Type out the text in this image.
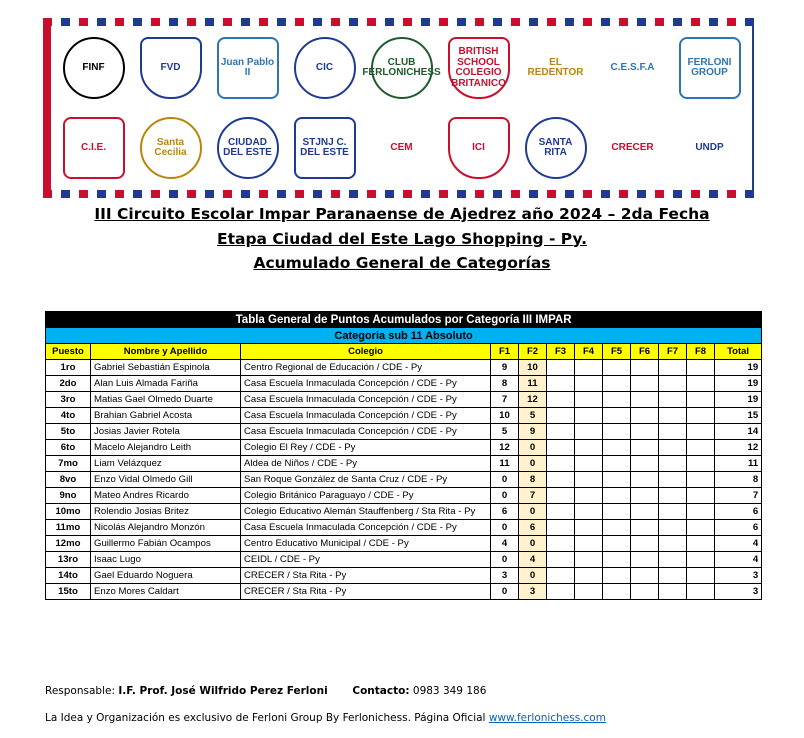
FINF	FVD	Juan Pablo II	CIC	CLUB FERLONICHESS
BRITISH SCHOOL COLEGIO BRITANICO
EL REDENTOR	C.E.S.F.A	FERLONI GROUP
C.I.E.	Santa Cecilia
CIUDAD DEL ESTE
STJNJ C. DEL ESTE	CEM	ICI	SANTA RITA	CRECER	UNDP
III Circuito Escolar Impar Paranaense de Ajedrez año 2024 – 2da Fecha
Etapa Ciudad del Este Lago Shopping - Py.
Acumulado General de Categorías
Tabla General de Puntos Acumulados por Categoría III IMPAR											
Categoria sub 11 Absoluto											
Puesto	Nombre y Apellido	Colegio	F1	F2	F3	F4	F5	F6	F7	F8	Total
1ro	Gabriel Sebastián Espinola	Centro Regional de Educación / CDE - Py	9	10							19
2do	Alan Luis Almada Fariña	Casa Escuela Inmaculada Concepción / CDE - Py	8	11							19
3ro	Matias Gael Olmedo Duarte	Casa Escuela Inmaculada Concepción / CDE - Py	7	12							19
4to	Brahian Gabriel Acosta	Casa Escuela Inmaculada Concepción / CDE - Py	10	5							15
5to	Josias Javier Rotela	Casa Escuela Inmaculada Concepción / CDE - Py	5	9							14
6to	Macelo Alejandro Leith	Colegio El Rey / CDE - Py	12	0							12
7mo	Liam Velázquez	Aldea de Niños / CDE - Py	11	0							11
8vo	Enzo Vidal Olmedo Gill	San Roque González de Santa Cruz / CDE - Py	0	8							8
9no	Mateo Andres Ricardo	Colegio Británico Paraguayo / CDE - Py	0	7							7
10mo	Rolendio Josias Britez	Colegio Educativo Alemán Stauffenberg / Sta Rita - Py	6	0							6
11mo	Nicolás Alejandro Monzón	Casa Escuela Inmaculada Concepción / CDE - Py	0	6							6
12mo	Guillermo Fabián Ocampos	Centro Educativo Municipal / CDE - Py	4	0							4
13ro	Isaac Lugo	CEIDL / CDE - Py	0	4							4
14to	Gael Eduardo Noguera	CRECER / Sta Rita - Py	3	0							3
15to	Enzo Mores Caldart	CRECER / Sta Rita - Py	0	3							3
Responsable: I.F. Prof. José Wilfrido Perez Ferloni Contacto: 0983 349 186
La Idea y Organización es exclusivo de Ferloni Group By Ferlonichess. Página Oficial www.ferlonichess.com
